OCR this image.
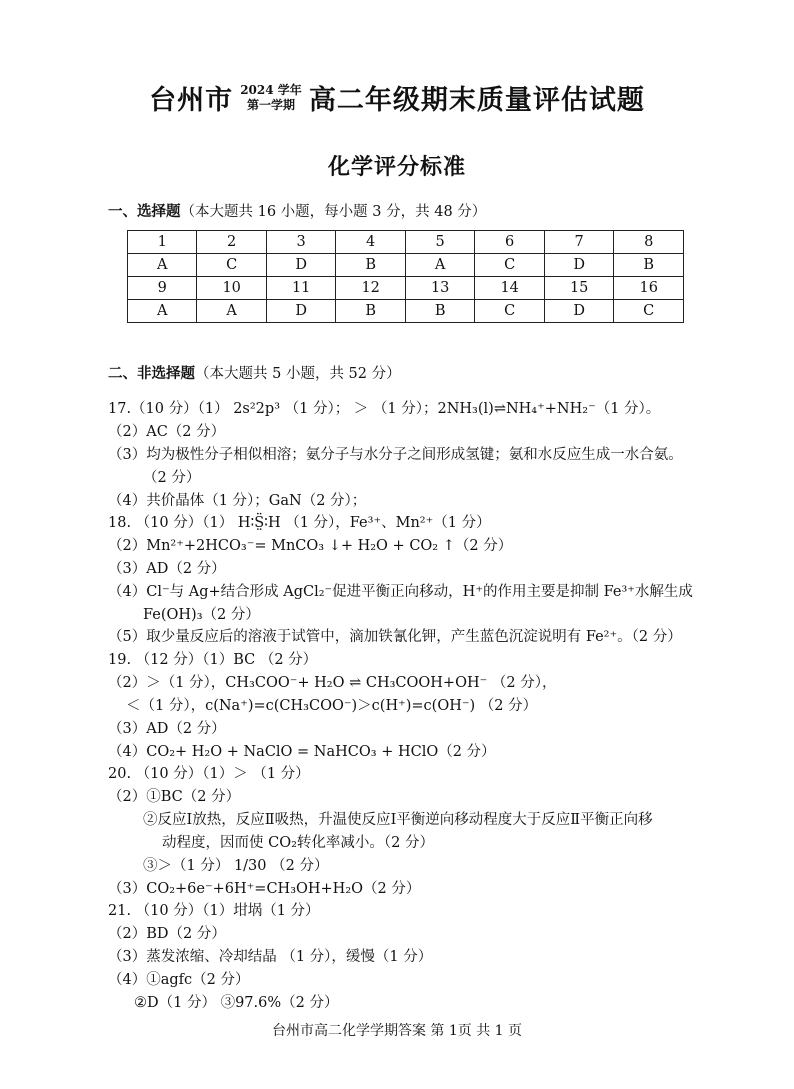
台州市 2024 学年
第一学期 高二年级期末质量评估试题
化学评分标准
一、选择题（本大题共 16 小题，每小题 3 分，共 48 分）
1	2	3	4	5	6	7	8
A	C	D	B	A	C	D	B
9	10	11	12	13	14	15	16
A	A	D	B	B	C	D	C
二、非选择题（本大题共 5 小题，共 52 分）
17.（10 分）（1） 2s²2p³ （1 分）； ＞ （1 分）；2NH₃(l)⇌NH₄⁺+NH₂⁻（1 分）。
（2）AC（2 分）
（3）均为极性分子相似相溶；氨分子与水分子之间形成氢键；氨和水反应生成一水合氨。
（2 分）
（4）共价晶体（1 分）；GaN（2 分）；
18. （10 分）（1） H∶S̤̈∶H （1 分），Fe³⁺、Mn²⁺（1 分）
（2）Mn²⁺+2HCO₃⁻= MnCO₃ ↓+ H₂O + CO₂ ↑（2 分）
（3）AD（2 分）
（4）Cl⁻与 Ag+结合形成 AgCl₂⁻促进平衡正向移动，H⁺的作用主要是抑制 Fe³⁺水解生成
Fe(OH)₃（2 分）
（5）取少量反应后的溶液于试管中，滴加铁氰化钾，产生蓝色沉淀说明有 Fe²⁺。（2 分）
19. （12 分）（1）BC （2 分）
（2）＞（1 分），CH₃COO⁻+ H₂O ⇌ CH₃COOH+OH⁻ （2 分），
＜（1 分），c(Na⁺)=c(CH₃COO⁻)＞c(H⁺)=c(OH⁻) （2 分）
（3）AD（2 分）
（4）CO₂+ H₂O + NaClO = NaHCO₃ + HClO（2 分）
20. （10 分）（1）＞ （1 分）
（2）①BC（2 分）
②反应Ⅰ放热，反应Ⅱ吸热，升温使反应Ⅰ平衡逆向移动程度大于反应Ⅱ平衡正向移
动程度，因而使 CO₂转化率减小。（2 分）
③＞（1 分） 1/30 （2 分）
（3）CO₂+6e⁻+6H⁺=CH₃OH+H₂O（2 分）
21. （10 分）（1）坩埚（1 分）
（2）BD（2 分）
（3）蒸发浓缩、冷却结晶 （1 分），缓慢（1 分）
（4）①agfc（2 分）
②D（1 分） ③97.6%（2 分）
台州市高二化学学期答案 第 1页 共 1 页
